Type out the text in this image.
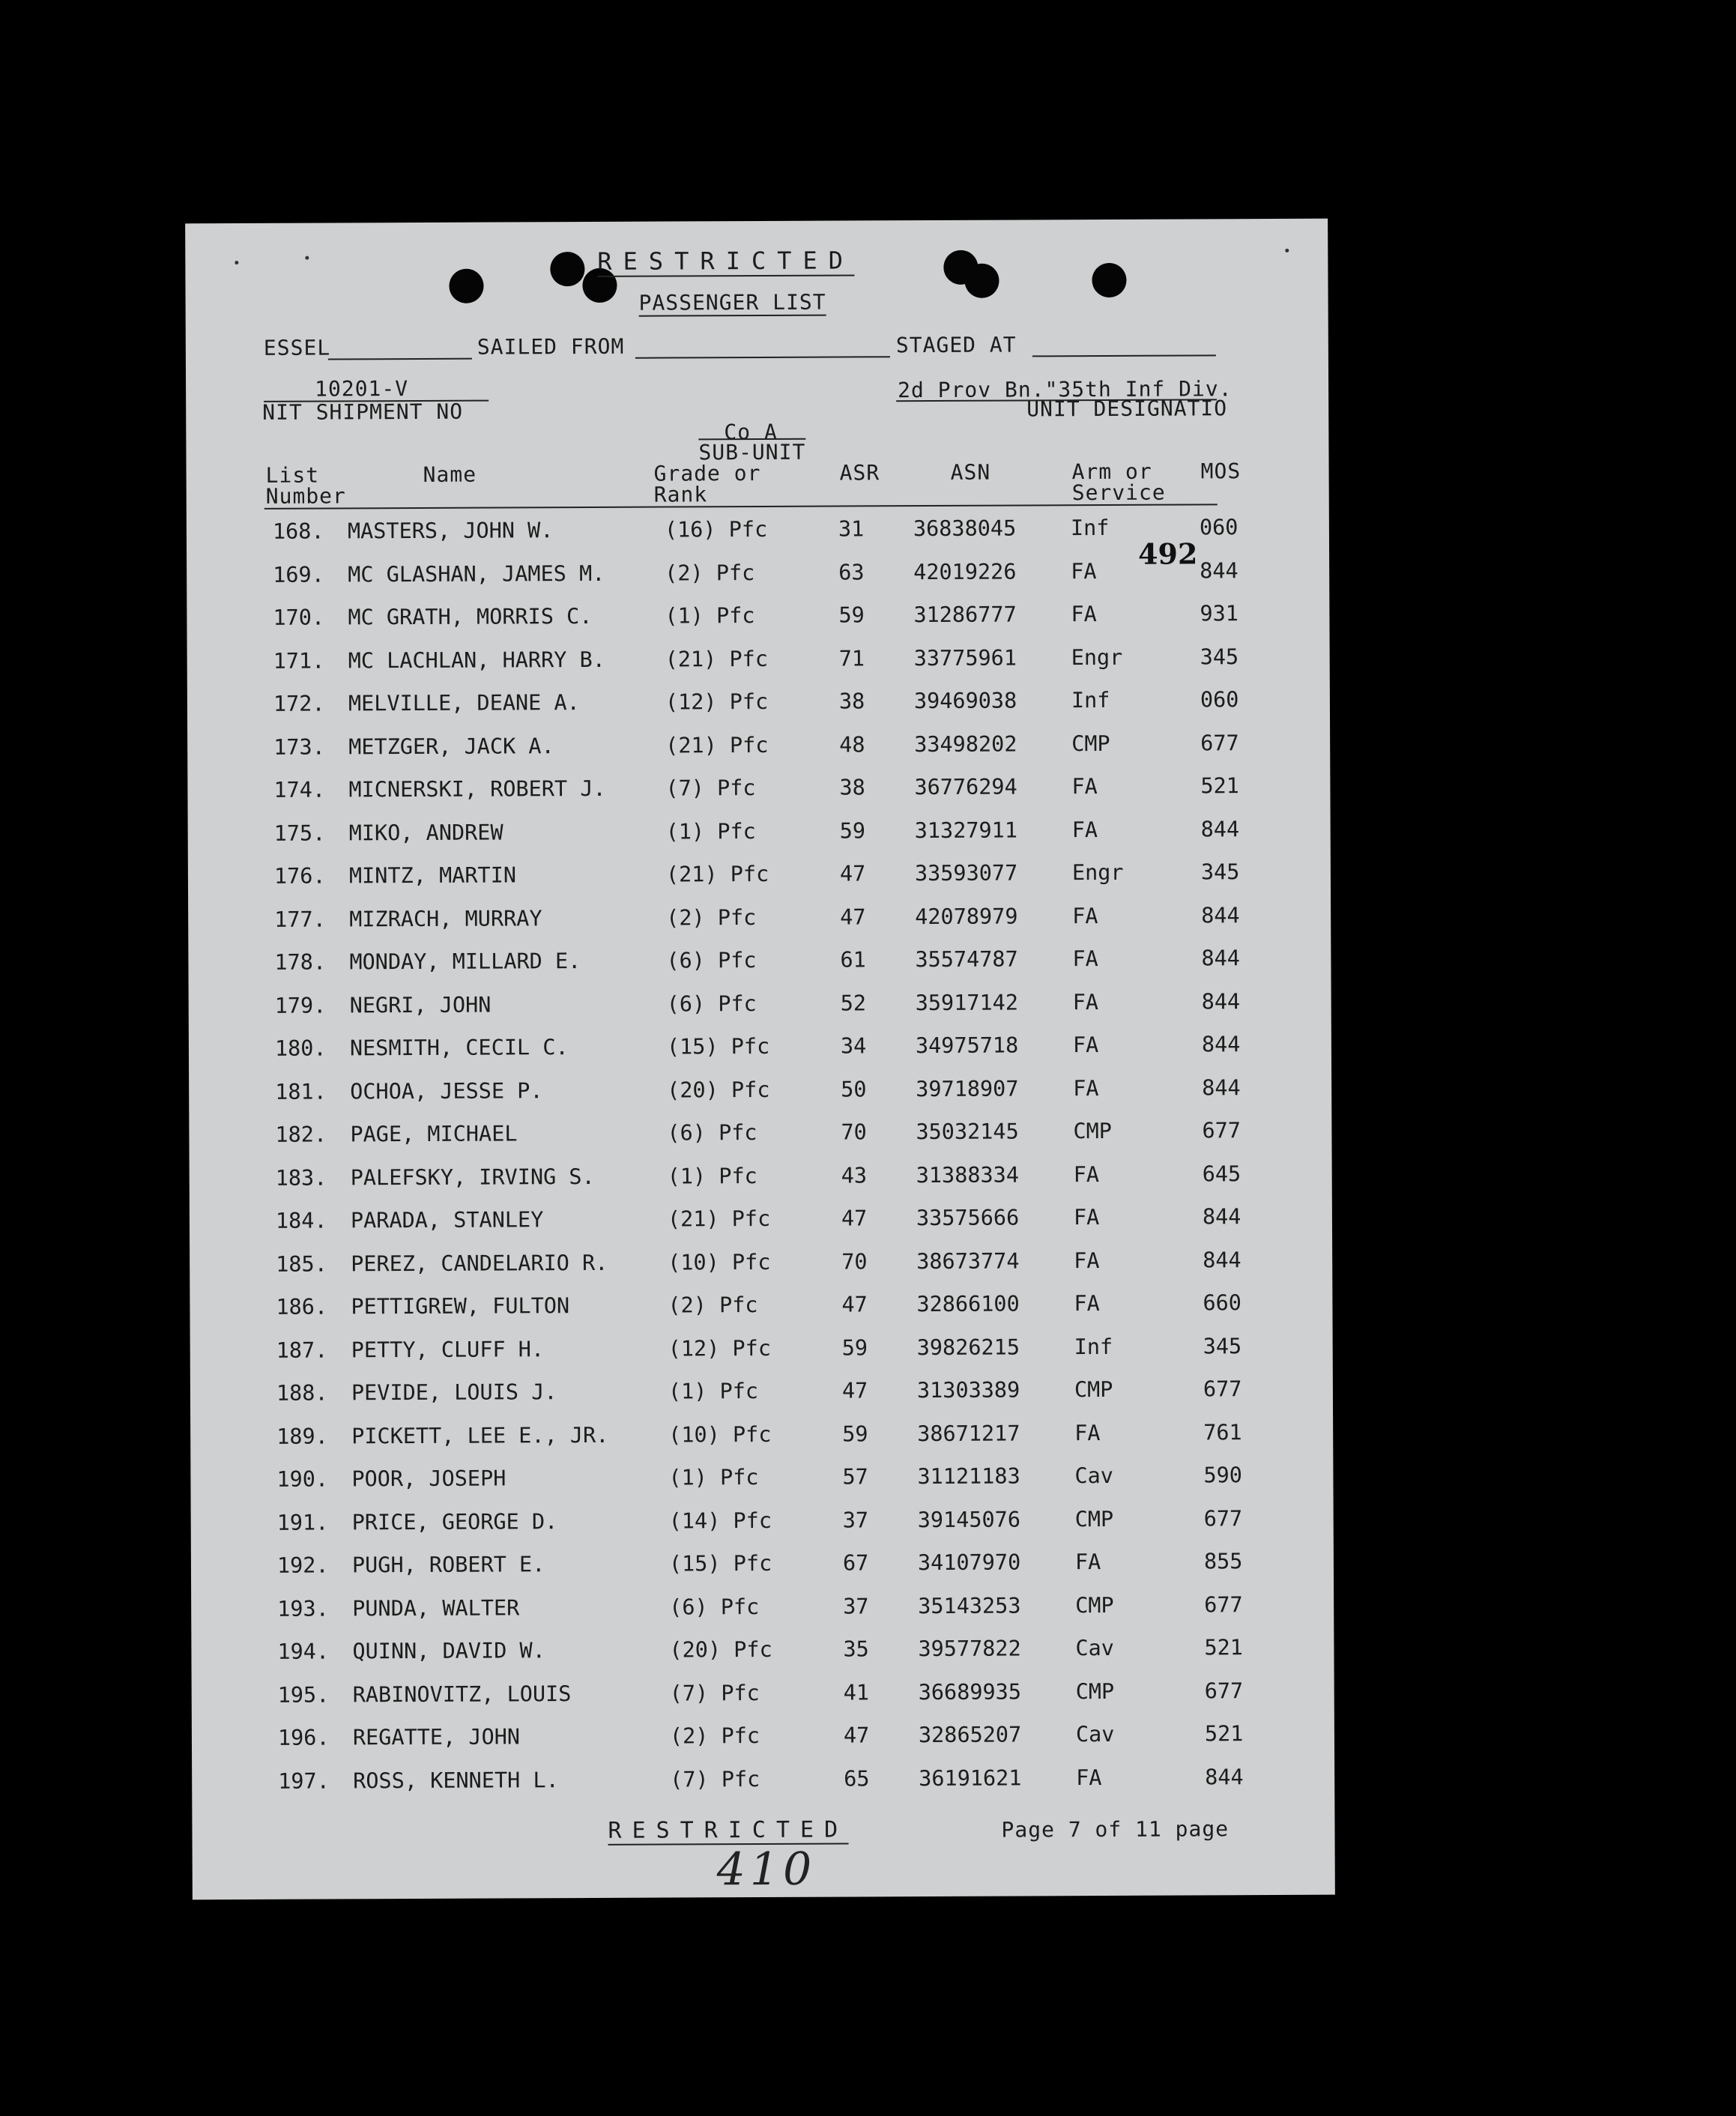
RESTRICTED
PASSENGER LIST
ESSEL	SAILED FROM	STAGED AT
10201-V
NIT SHIPMENT NO
2d Prov Bn."35th Inf Div.
UNIT DESIGNATIO
Co A
SUB-UNIT
List
Number
Name	Grade or
Rank
ASR	ASN	Arm or
Service
MOS
492
168. MASTERS, JOHN W.	(16) Pfc	31 36838045	Inf	060
169. MC GLASHAN, JAMES M.	(2) Pfc	63 42019226	FA	844
170. MC GRATH, MORRIS C.	(1) Pfc	59 31286777	FA	931
171. MC LACHLAN, HARRY B.	(21) Pfc	71 33775961	Engr	345
172. MELVILLE, DEANE A.	(12) Pfc	38 39469038	Inf	060
173. METZGER, JACK A.	(21) Pfc	48 33498202	CMP	677
174. MICNERSKI, ROBERT J.	(7) Pfc	38 36776294	FA	521
175. MIKO, ANDREW	(1) Pfc	59 31327911	FA	844
176. MINTZ, MARTIN	(21) Pfc	47 33593077	Engr	345
177. MIZRACH, MURRAY	(2) Pfc	47 42078979	FA	844
178. MONDAY, MILLARD E.	(6) Pfc	61 35574787	FA	844
179. NEGRI, JOHN	(6) Pfc	52 35917142	FA	844
180. NESMITH, CECIL C.	(15) Pfc	34 34975718	FA	844
181. OCHOA, JESSE P.	(20) Pfc	50 39718907	FA	844
182. PAGE, MICHAEL	(6) Pfc	70 35032145	CMP	677
183. PALEFSKY, IRVING S.	(1) Pfc	43 31388334	FA	645
184. PARADA, STANLEY	(21) Pfc	47 33575666	FA	844
185. PEREZ, CANDELARIO R.	(10) Pfc	70 38673774	FA	844
186. PETTIGREW, FULTON	(2) Pfc	47 32866100	FA	660
187. PETTY, CLUFF H.	(12) Pfc	59 39826215	Inf	345
188. PEVIDE, LOUIS J.	(1) Pfc	47 31303389	CMP	677
189. PICKETT, LEE E., JR.	(10) Pfc	59 38671217	FA	761
190. POOR, JOSEPH	(1) Pfc	57 31121183	Cav	590
191. PRICE, GEORGE D.	(14) Pfc	37 39145076	CMP	677
192. PUGH, ROBERT E.	(15) Pfc	67 34107970	FA	855
193. PUNDA, WALTER	(6) Pfc	37 35143253	CMP	677
194. QUINN, DAVID W.	(20) Pfc	35 39577822	Cav	521
195. RABINOVITZ, LOUIS	(7) Pfc	41 36689935	CMP	677
196. REGATTE, JOHN	(2) Pfc	47 32865207	Cav	521
197. ROSS, KENNETH L.	(7) Pfc	65 36191621	FA	844
RESTRICTED	Page 7 of 11 page
410
